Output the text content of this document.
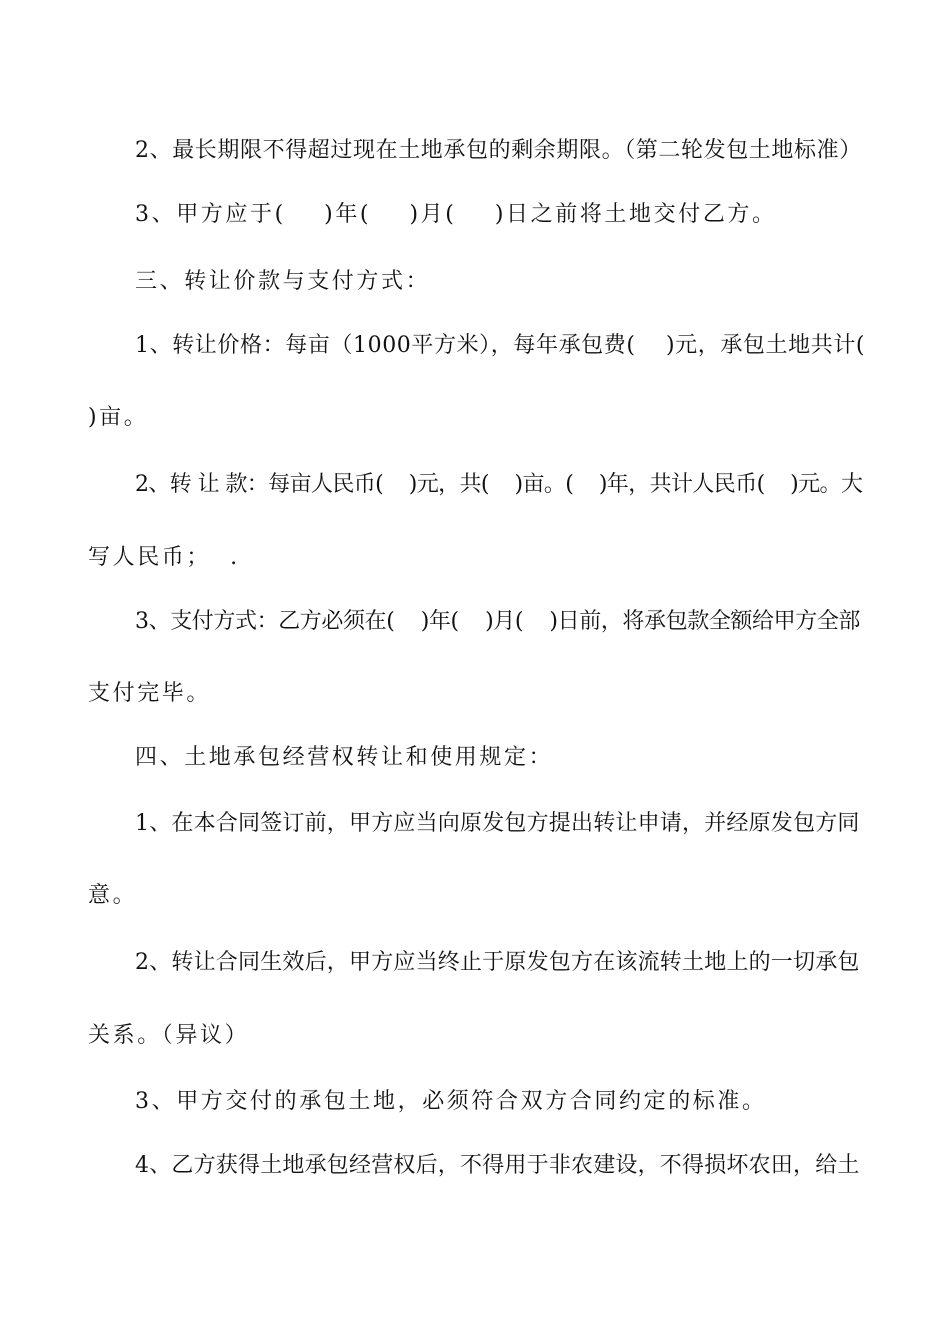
2、最长期限不得超过现在土地承包的剩余期限。（第二轮发包土地标准）
3、甲方应于(    )年(    )月(    )日之前将土地交付乙方。
三、转让价款与支付方式：
1、转让价格：每亩（1000平方米），每年承包费(    )元，承包土地共计(
)亩。
2、转 让 款：每亩人民币(    )元，共(    )亩。(    )年，共计人民币(    )元。大
写人民币；  .
3、支付方式：乙方必须在(    )年(    )月(    )日前，将承包款全额给甲方全部
支付完毕。
四、土地承包经营权转让和使用规定：
1、在本合同签订前，甲方应当向原发包方提出转让申请，并经原发包方同
意。
2、转让合同生效后，甲方应当终止于原发包方在该流转土地上的一切承包
关系。（异议）
3、甲方交付的承包土地，必须符合双方合同约定的标准。
4、乙方获得土地承包经营权后，不得用于非农建设，不得损坏农田，给土
